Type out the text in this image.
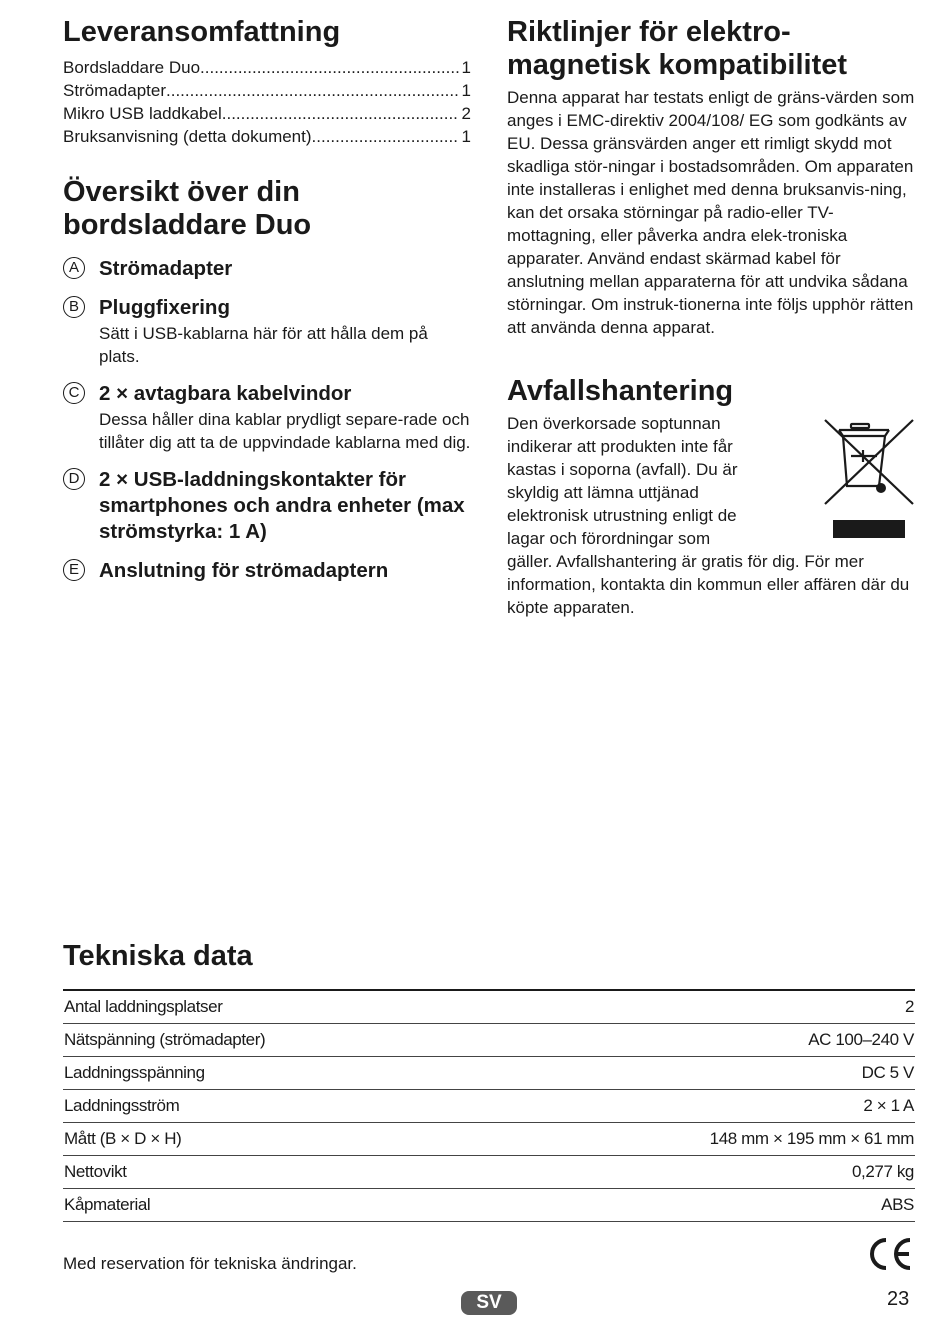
Leveransomfattning
Bordsladdare Duo .....	1
Strömadapter .....	1
Mikro USB laddkabel .....	2
Bruksanvisning (detta dokument) .....	1
Översikt över din
bordsladdare Duo
A Strömadapter
B Pluggfixering
Sätt i USB-kablarna här för att hålla dem på plats.
C 2 × avtagbara kabelvindor
Dessa håller dina kablar prydligt separe-rade och tillåter dig att ta de uppvindade kablarna med dig.
D 2 × USB-laddningskontakter för smartphones och andra enheter (max strömstyrka: 1 A)
E Anslutning för strömadaptern
Riktlinjer för elektro-
magnetisk kompatibilitet
Denna apparat har testats enligt de gräns-värden som anges i EMC-direktiv 2004/108/ EG som godkänts av EU. Dessa gränsvärden anger ett rimligt skydd mot skadliga stör-ningar i bostadsområden. Om apparaten inte installeras i enlighet med denna bruksanvis-ning, kan det orsaka störningar på radio-eller TV-mottagning, eller påverka andra elek-troniska apparater. Använd endast skärmad kabel för anslutning mellan apparaterna för att undvika sådana störningar. Om instruk-tionerna inte följs upphör rätten att använda denna apparat.
Avfallshantering
Den överkorsade soptunnan indikerar att produkten inte får kastas i soporna (avfall). Du är skyldig att lämna uttjänad elektronisk utrustning enligt de lagar och förordningar som
gäller. Avfallshantering är gratis för dig. För mer information, kontakta din kommun eller affären där du köpte apparaten.
Tekniska data
Antal laddningsplatser	2
Nätspänning (strömadapter)	AC 100–240 V
Laddningsspänning	DC 5 V
Laddningsström	2 × 1 A
Mått (B × D × H)	148 mm × 195 mm × 61 mm
Nettovikt	0,277 kg
Kåpmaterial	ABS
Med reservation för tekniska ändringar.
SV	23
